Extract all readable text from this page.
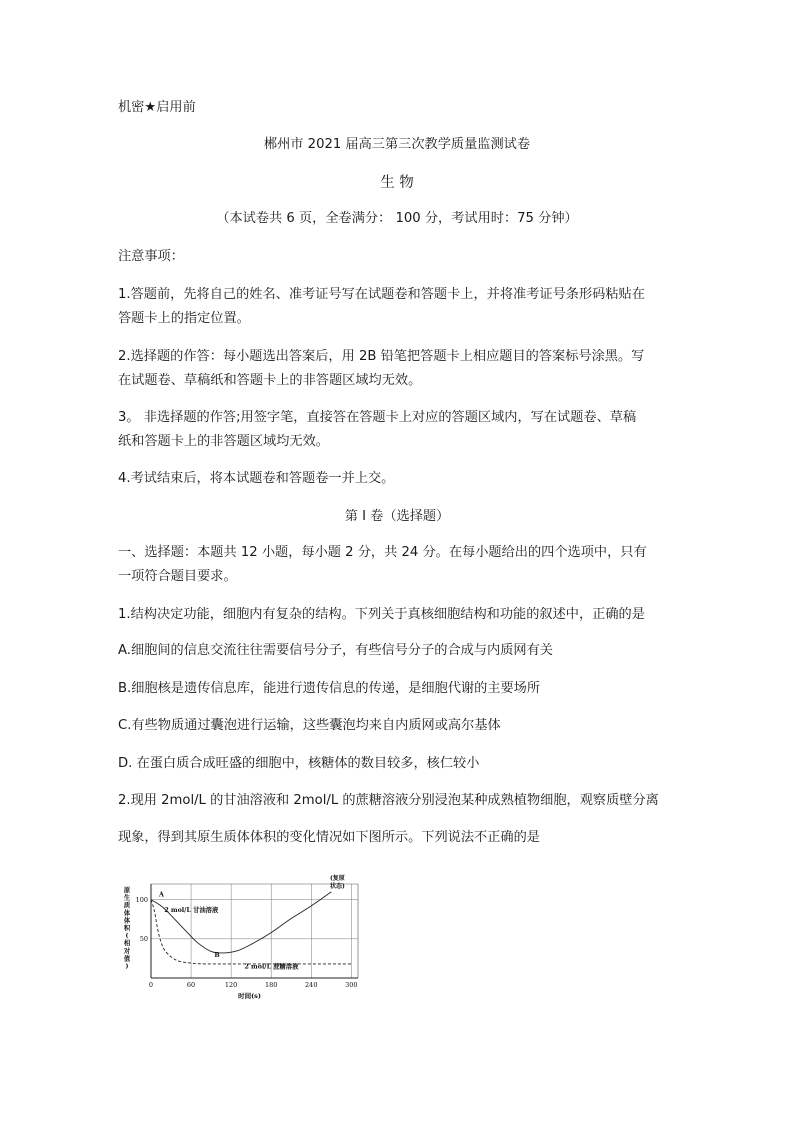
机密★启用前
郴州市 2021 届高三第三次教学质量监测试卷
生 物
（本试卷共 6 页，全卷满分： 100 分，考试用时：75 分钟）
注意事项：
1.答题前，先将自己的姓名、准考证号写在试题卷和答题卡上，并将准考证号条形码粘贴在
答题卡上的指定位置。
2.选择题的作答：每小题选出答案后，用 2B 铅笔把答题卡上相应题目的答案标号涂黑。写
在试题卷、草稿纸和答题卡上的非答题区域均无效。
3。 非选择题的作答;用签字笔，直接答在答题卡上对应的答题区域内，写在试题卷、草稿
纸和答题卡上的非答题区域均无效。
4.考试结束后，将本试题卷和答题卷一并上交。
第 I 卷（选择题）
一、选择题：本题共 12 小题，每小题 2 分，共 24 分。在每小题给出的四个选项中，只有
一项符合题目要求。
1.结构决定功能，细胞内有复杂的结构。下列关于真核细胞结构和功能的叙述中，正确的是
A.细胞间的信息交流往往需要信号分子，有些信号分子的合成与内质网有关
B.细胞核是遗传信息库，能进行遗传信息的传递，是细胞代谢的主要场所
C.有些物质通过囊泡进行运输，这些囊泡均来自内质网或高尔基体
D. 在蛋白质合成旺盛的细胞中，核糖体的数目较多，核仁较小
2.现用 2mol/L 的甘油溶液和 2mol/L 的蔗糖溶液分别浸泡某种成熟植物细胞，观察质壁分离
现象，得到其原生质体体积的变化情况如下图所示。下列说法不正确的是
0	60	120	180	240	300
100
50
原生质体体积(相对值)
时间(s)
2 mol/L 甘油溶液
2 mol/L 蔗糖溶液
A
B
(复原
状态)
